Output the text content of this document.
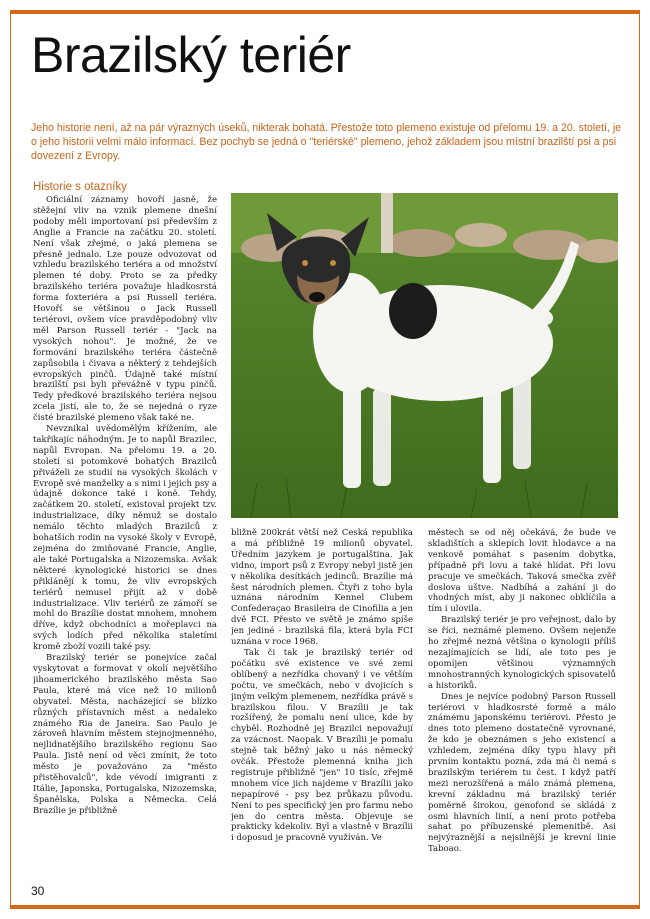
Brazilský teriér

Jeho historie není, až na pár výrazných úseků, nikterak bohatá. Přestože toto plemeno existuje od přelomu 19. a 20. století, je o jeho historii velmi málo informací. Bez pochyb se jedná o "teriérské" plemeno, jehož základem jsou místní brazilští psi a psi dovezení z Evropy.

Historie s otazníky

Oficiální záznamy hovoří jasně, že stěžejní vliv na vznik plemene dnešní podoby měli importovaní psi především z Anglie a Francie na začátku 20. století. Není však zřejmé, o jaká plemena se přesně jednalo. Lze pouze odvozovat od vzhledu brazilského teriéra a od množství plemen té doby. Proto se za předky brazilského teriéra považuje hladkosrstá forma foxteriéra a psi Russell teriéra. Hovoří se většinou o Jack Russell teriérovi, ovšem více pravděpodobný vliv měl Parson Russell teriér - "Jack na vysokých nohou". Je možné, že ve formování brazilského teriéra částečně zapůsobila i čivava a některý z tehdejších evropských pinčů. Údajně také místní brazilští psi byli převážně v typu pinčů. Tedy předkové brazilského teriéra nejsou zcela jistí, ale to, že se nejedná o ryze čisté brazilské plemeno však také ne.

Nevznikal uvědomělým křížením, ale takřikajíc náhodným. Je to napůl Brazilec, napůl Evropan. Na přelomu 19. a 20. století si potomkové bohatých Brazilců přiváželi ze studií na vysokých školách v Evropě své manželky a s nimi i jejich psy a údajně dokonce také i koně. Tehdy, začátkem 20. století, existoval projekt tzv. industrializace, díky němuž se dostalo nemálo těchto mladých Brazilců z bohatších rodin na vysoké školy v Evropě, zejména do zmiňované Francie, Anglie, ale také Portugalska a Nizozemska. Avšak některé kynologické historici se dnes přiklánějí k tomu, že vliv evropských teriérů nemusel přijít až v době industrializace. Vliv teriérů ze zámoří se mohl do Brazílie dostat mnohem, mnohem dříve, když obchodníci a mořeplavci na svých lodích před několika staletími kromě zboží vozili také psy.

Brazilský teriér se ponejvíce začal vyskytovat a formovat v okolí největšího jihoamerického brazilského města Sao Paula, které má více než 10 milionů obyvatel. Města, nacházející se blízko různých přístavních měst a nedaleko známého Ria de Janeira. Sao Paulo je zároveň hlavním městem stejnojmenného, nejlidnatějšího brazilského regionu Sao Paula. Jistě není od věci zmínit, že toto město je považováno za "město přistěhovalců", kde vévodí imigranti z Itálie, Japonska, Portugalska, Nizozemska, Španělska, Polska a Německa. Celá Brazílie je přibližně

bližně 200krát větší než Česká republika a má přibližně 19 milionů obyvatel. Úředním jazykem je portugalština. Jak vidno, import psů z Evropy nebyl jistě jen v několika desítkách jedinců. Brazílie má šest národních plemen. Čtyři z toho byla uznána národním Kennel Clubem Confederaçao Brasileira de Cinofilia a jen dvě FCI. Přesto ve světě je známo spíše jen jediné - brazilská fila, která byla FCI uznána v roce 1968.

Tak či tak je brazilský teriér od počátku své existence ve své zemi oblíbený a nezřídka chovaný i ve větším počtu, ve smečkách, nebo v dvojicích s jiným velkým plemenem, nezřídka právě s brazilskou filou. V Brazílii je tak rozšířený, že pomalu není ulice, kde by chyběl. Rozhodně jej Brazilci nepovažují za vzácnost. Naopak. V Brazílii je pomalu stejně tak běžný jako u nás německý ovčák. Přestože plemenná kniha jich registruje přibližně "jen" 10 tisíc, zřejmě mnohem více jich najdeme v Brazílii jako nepapírové - psy bez průkazu původu. Není to pes specifický jen pro farmu nebo jen do centra města. Objevuje se prakticky kdekoliv. Byl a vlastně v Brazílii i doposud je pracovně využíván. Ve

městech se od něj očekává, že bude ve skladištích a sklepích lovit hlodavce a na venkově pomáhat s pasením dobytka, případně při lovu a také hlídat. Při lovu pracuje ve smečkách. Taková smečka zvěř doslova uštve. Nadbíhá a zahání ji do vhodných míst, aby ji nakonec obklíčila a tím i ulovila.

Brazilský teriér je pro veřejnost, dalo by se říci, neznámé plemeno. Ovšem nejenže ho zřejmě nezná většina o kynologii příliš nezajímajících se lidí, ale toto pes je opomíjen většinou významných mnohostranných kynologických spisovatelů a historiků.

Dnes je nejvíce podobný Parson Russell teriérovi v hladkosrsté formě a málo známému japonskému teriérovi. Přesto je dnes toto plemeno dostatečně vyrovnané, že kdo je obeznámen s jeho existencí a vzhledem, zejména díky typu hlavy při prvním kontaktu pozná, zda má či nemá s brazilským teriérem tu čest. I když patří mezi nerozšířená a málo známá plemena, krevní základnu má brazilský teriér poměrně širokou, genofond se skládá z osmi hlavních linií, a není proto potřeba sahat po příbuzenské plemenitbě. Asi nejvýraznější a nejsilnější je krevní linie Taboao.

30
